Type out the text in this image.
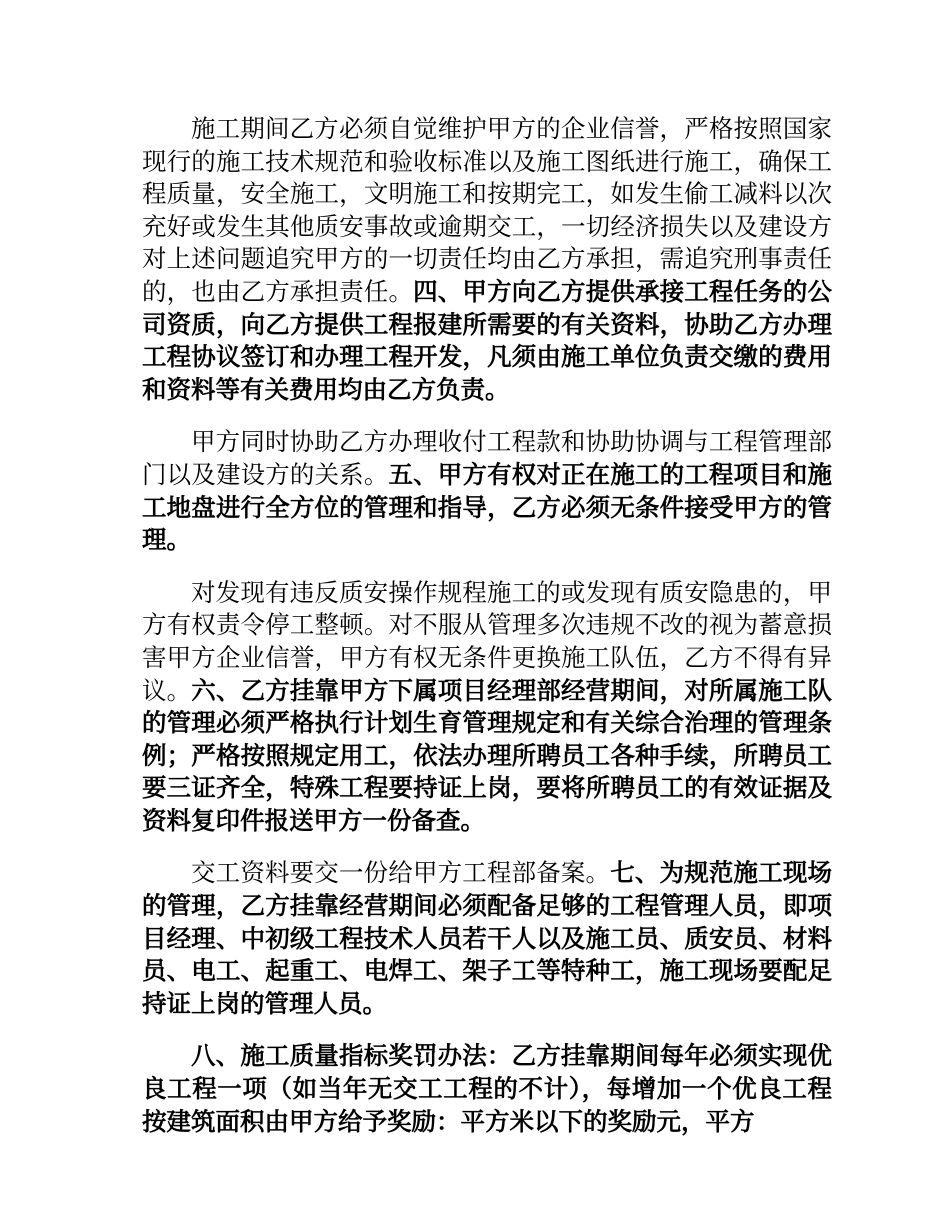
施工期间乙方必须自觉维护甲方的企业信誉，严格按照国家现行的施工技术规范和验收标准以及施工图纸进行施工，确保工程质量，安全施工，文明施工和按期完工，如发生偷工减料以次充好或发生其他质安事故或逾期交工，一切经济损失以及建设方对上述问题追究甲方的一切责任均由乙方承担，需追究刑事责任的，也由乙方承担责任。四、甲方向乙方提供承接工程任务的公司资质，向乙方提供工程报建所需要的有关资料，协助乙方办理工程协议签订和办理工程开发，凡须由施工单位负责交缴的费用和资料等有关费用均由乙方负责。

甲方同时协助乙方办理收付工程款和协助协调与工程管理部门以及建设方的关系。五、甲方有权对正在施工的工程项目和施工地盘进行全方位的管理和指导，乙方必须无条件接受甲方的管理。

对发现有违反质安操作规程施工的或发现有质安隐患的，甲方有权责令停工整顿。对不服从管理多次违规不改的视为蓄意损害甲方企业信誉，甲方有权无条件更换施工队伍，乙方不得有异议。六、乙方挂靠甲方下属项目经理部经营期间，对所属施工队的管理必须严格执行计划生育管理规定和有关综合治理的管理条例；严格按照规定用工，依法办理所聘员工各种手续，所聘员工要三证齐全，特殊工程要持证上岗，要将所聘员工的有效证据及资料复印件报送甲方一份备查。

交工资料要交一份给甲方工程部备案。七、为规范施工现场的管理，乙方挂靠经营期间必须配备足够的工程管理人员，即项目经理、中初级工程技术人员若干人以及施工员、质安员、材料员、电工、起重工、电焊工、架子工等特种工，施工现场要配足持证上岗的管理人员。

八、施工质量指标奖罚办法：乙方挂靠期间每年必须实现优良工程一项（如当年无交工工程的不计），每增加一个优良工程按建筑面积由甲方给予奖励：平方米以下的奖励元，平方
